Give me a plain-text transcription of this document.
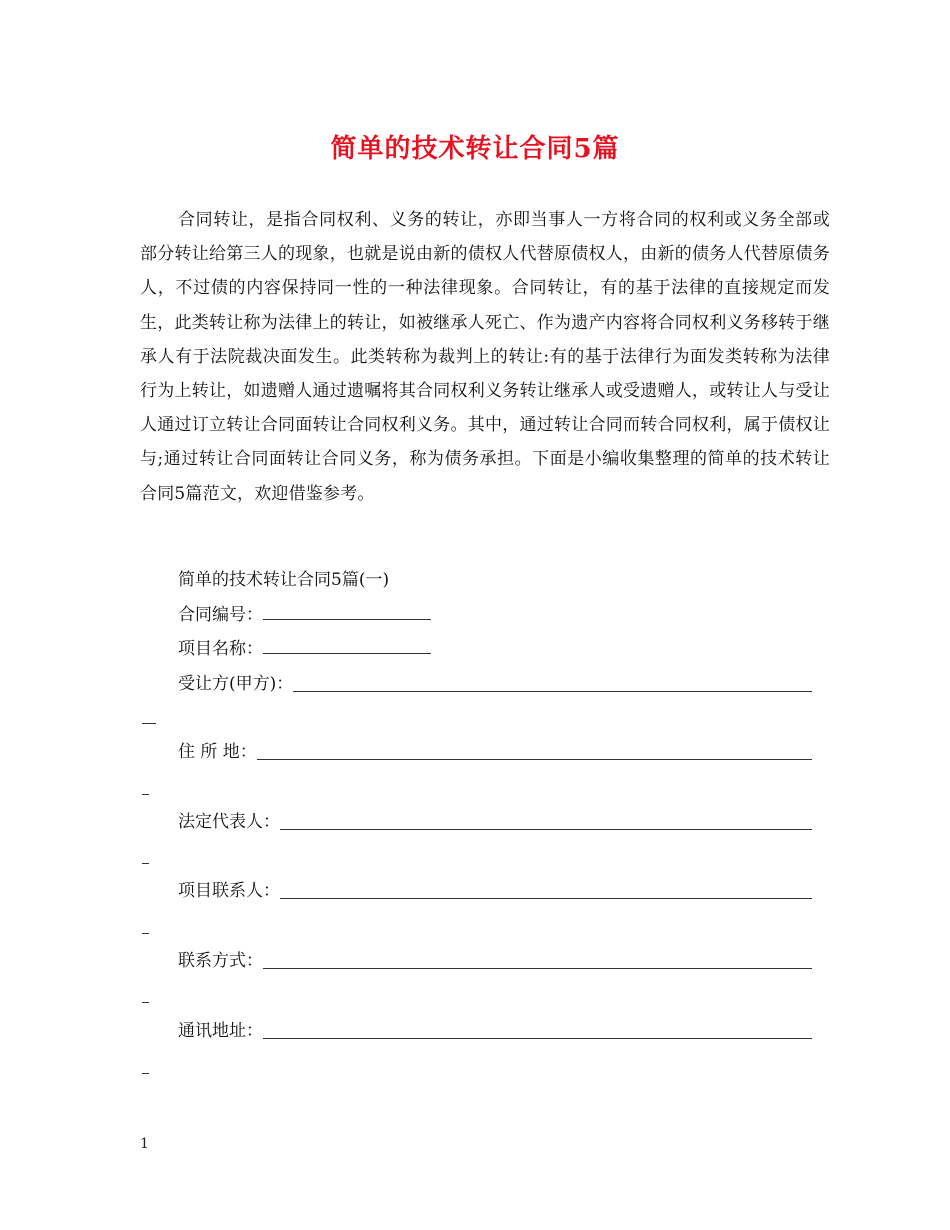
简单的技术转让合同5篇

合同转让，是指合同权利、义务的转让，亦即当事人一方将合同的权利或义务全部或部分转让给第三人的现象，也就是说由新的债权人代替原债权人，由新的债务人代替原债务人，不过债的内容保持同一性的一种法律现象。合同转让，有的基于法律的直接规定而发生，此类转让称为法律上的转让，如被继承人死亡、作为遗产内容将合同权利义务移转于继承人有于法院裁决面发生。此类转称为裁判上的转让:有的基于法律行为面发类转称为法律行为上转让，如遗赠人通过遗嘱将其合同权利义务转让继承人或受遗赠人，或转让人与受让人通过订立转让合同面转让合同权利义务。其中，通过转让合同而转合同权利，属于债权让与;通过转让合同面转让合同义务，称为债务承担。下面是小编收集整理的简单的技术转让合同5篇范文，欢迎借鉴参考。

简单的技术转让合同5篇(一)
合同编号：
项目名称：
受让方(甲方)：
住 所 地：
法定代表人：
项目联系人：
联系方式：
通讯地址：
1
